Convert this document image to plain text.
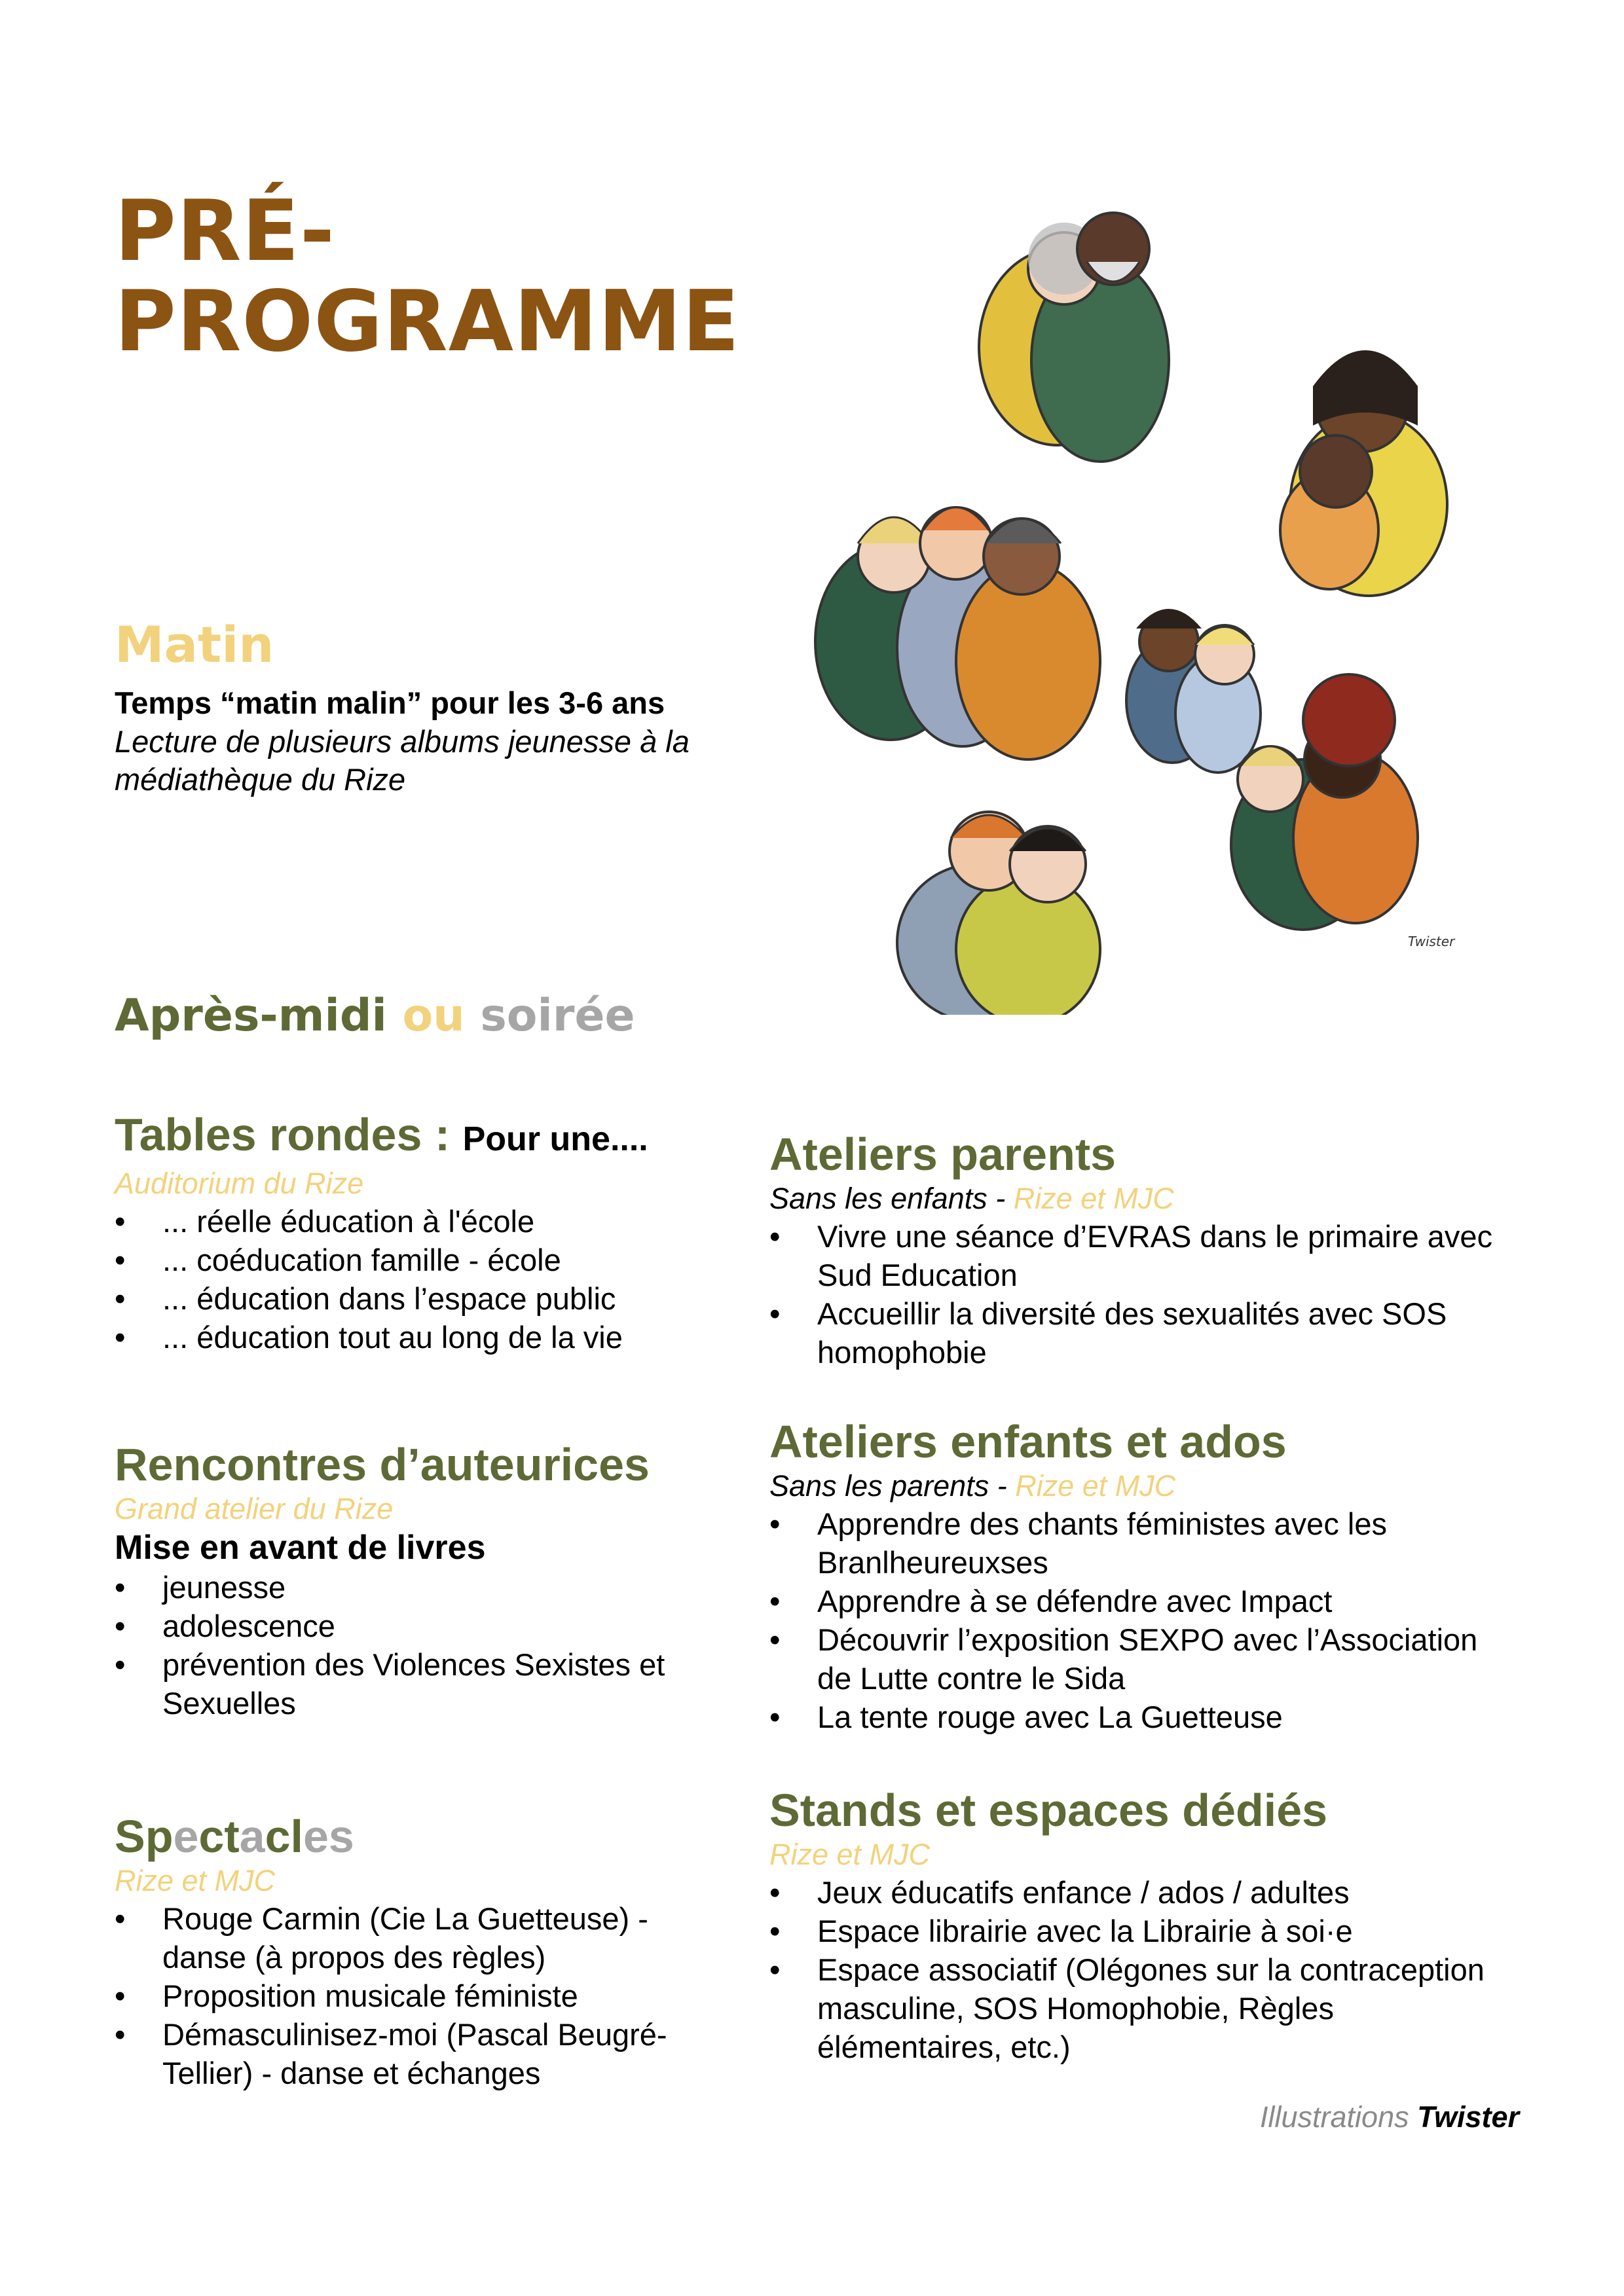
PRÉ-
PROGRAMME
Twister
Matin
Temps “matin malin” pour les 3-6 ans
Lecture de plusieurs albums jeunesse à la médiathèque du Rize
Après-midi ou soirée
Tables rondes : Pour une....
Auditorium du Rize
• ... réelle éducation à l'école
• ... coéducation famille - école
• ... éducation dans l’espace public
• ... éducation tout au long de la vie
Rencontres d’auteurices
Grand atelier du Rize
Mise en avant de livres
• jeunesse
• adolescence
• prévention des Violences Sexistes et Sexuelles
Spectacles
Rize et MJC
• Rouge Carmin (Cie La Guetteuse) - danse (à propos des règles)
• Proposition musicale féministe
• Démasculinisez-moi (Pascal Beugré-Tellier) - danse et échanges
Ateliers parents
Sans les enfants - Rize et MJC
• Vivre une séance d’EVRAS dans le primaire avec Sud Education
• Accueillir la diversité des sexualités avec SOS homophobie
Ateliers enfants et ados
Sans les parents - Rize et MJC
• Apprendre des chants féministes avec les Branlheureuxses
• Apprendre à se défendre avec Impact
• Découvrir l’exposition SEXPO avec l’Association de Lutte contre le Sida
• La tente rouge avec La Guetteuse
Stands et espaces dédiés
Rize et MJC
• Jeux éducatifs enfance / ados / adultes
• Espace librairie avec la Librairie à soi·e
• Espace associatif (Olégones sur la contraception masculine, SOS Homophobie, Règles élémentaires, etc.)
Illustrations Twister
